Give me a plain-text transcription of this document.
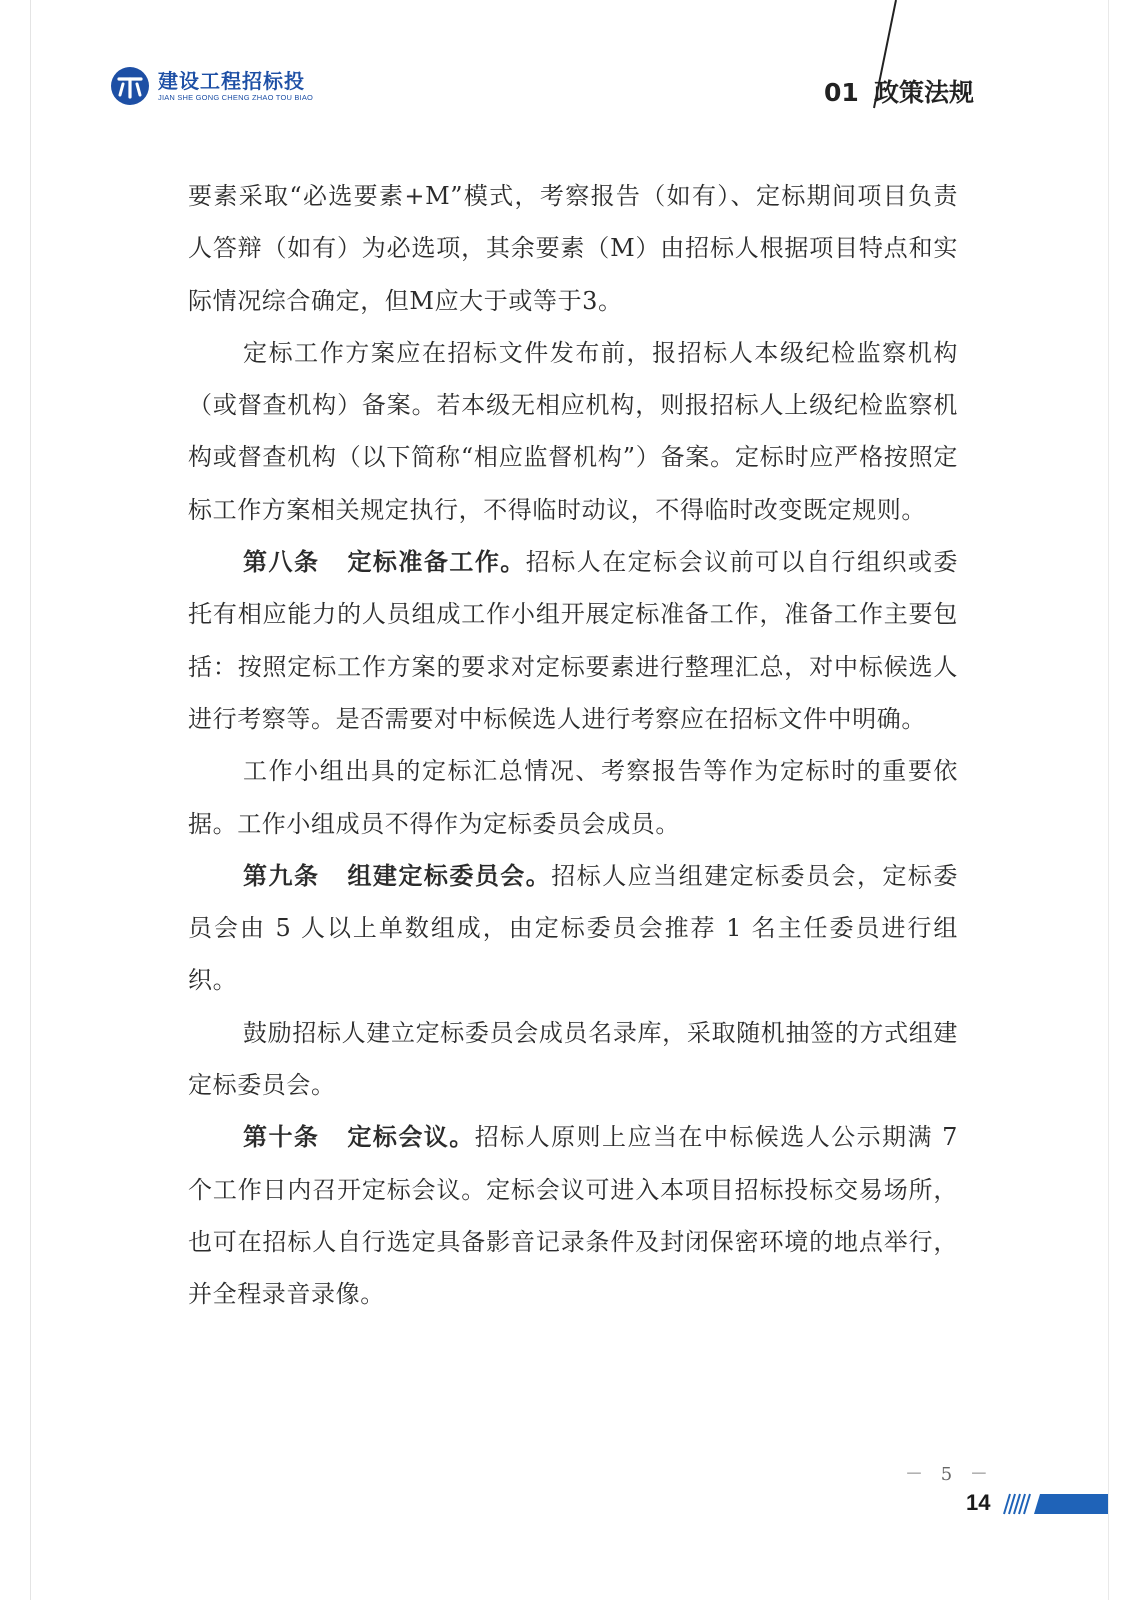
建设工程招标投
JIAN SHE GONG CHENG ZHAO TOU BIAO	01 政策法规

要素采取“必选要素+M”模式，考察报告（如有）、定标期间项目负责人答辩（如有）为必选项，其余要素（M）由招标人根据项目特点和实际情况综合确定，但M应大于或等于3。

定标工作方案应在招标文件发布前，报招标人本级纪检监察机构（或督查机构）备案。若本级无相应机构，则报招标人上级纪检监察机构或督查机构（以下简称“相应监督机构”）备案。定标时应严格按照定标工作方案相关规定执行，不得临时动议，不得临时改变既定规则。

第八条 定标准备工作。招标人在定标会议前可以自行组织或委托有相应能力的人员组成工作小组开展定标准备工作，准备工作主要包括：按照定标工作方案的要求对定标要素进行整理汇总，对中标候选人进行考察等。是否需要对中标候选人进行考察应在招标文件中明确。

工作小组出具的定标汇总情况、考察报告等作为定标时的重要依据。工作小组成员不得作为定标委员会成员。

第九条 组建定标委员会。招标人应当组建定标委员会，定标委员会由 5 人以上单数组成，由定标委员会推荐 1 名主任委员进行组织。

鼓励招标人建立定标委员会成员名录库，采取随机抽签的方式组建定标委员会。

第十条 定标会议。招标人原则上应当在中标候选人公示期满 7 个工作日内召开定标会议。定标会议可进入本项目招标投标交易场所，也可在招标人自行选定具备影音记录条件及封闭保密环境的地点举行，并全程录音录像。

－ 5 －
14
